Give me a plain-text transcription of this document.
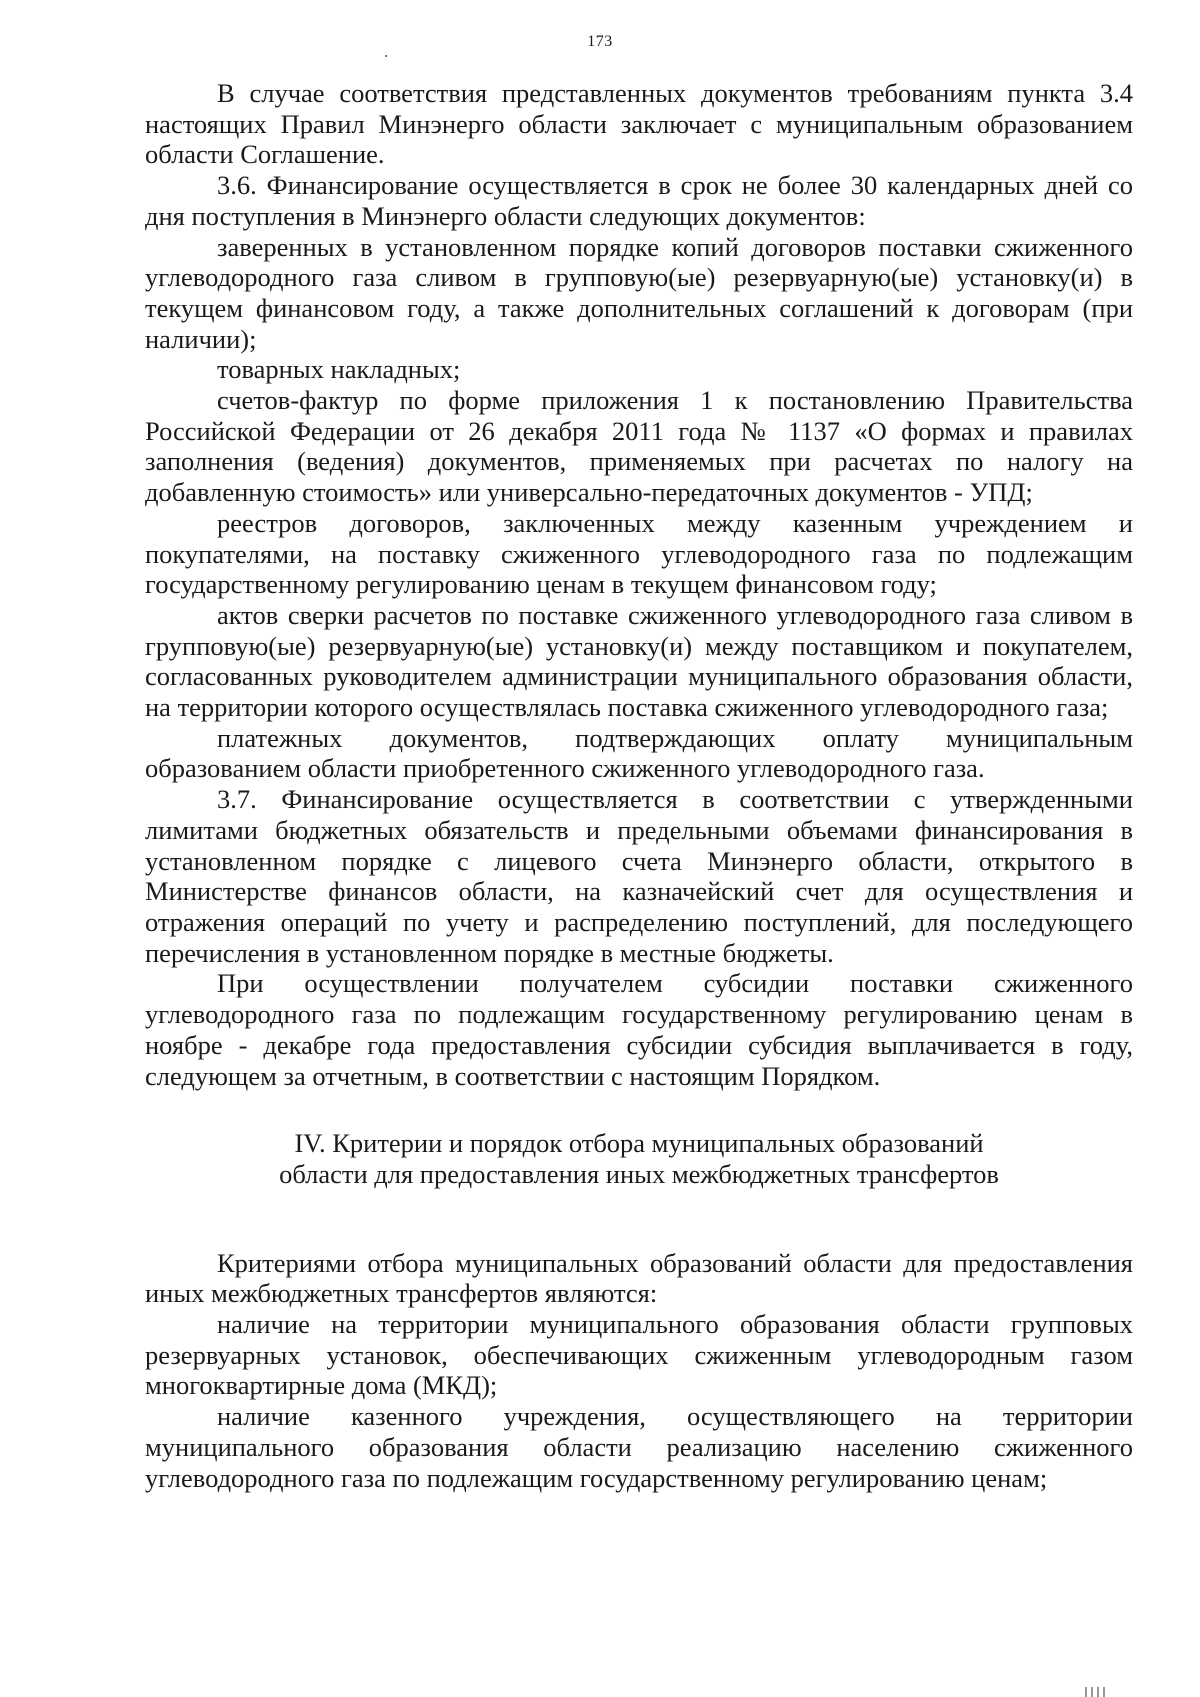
173

В случае соответствия представленных документов требованиям пункта 3.4 настоящих Правил Минэнерго области заключает с муниципальным образованием области Соглашение.

3.6. Финансирование осуществляется в срок не более 30 календарных дней со дня поступления в Минэнерго области следующих документов:

заверенных в установленном порядке копий договоров поставки сжиженного углеводородного газа сливом в групповую(ые) резервуарную(ые) установку(и) в текущем финансовом году, а также дополнительных соглашений к договорам (при наличии);

товарных накладных;

счетов-фактур по форме приложения 1 к постановлению Правительства Российской Федерации от 26 декабря 2011 года № 1137 «О формах и правилах заполнения (ведения) документов, применяемых при расчетах по налогу на добавленную стоимость» или универсально-передаточных документов - УПД;

реестров договоров, заключенных между казенным учреждением и покупателями, на поставку сжиженного углеводородного газа по подлежащим государственному регулированию ценам в текущем финансовом году;

актов сверки расчетов по поставке сжиженного углеводородного газа сливом в групповую(ые) резервуарную(ые) установку(и) между поставщиком и покупателем, согласованных руководителем администрации муниципального образования области, на территории которого осуществлялась поставка сжиженного углеводородного газа;

платежных документов, подтверждающих оплату муниципальным образованием области приобретенного сжиженного углеводородного газа.

3.7. Финансирование осуществляется в соответствии с утвержденными лимитами бюджетных обязательств и предельными объемами финансирования в установленном порядке с лицевого счета Минэнерго области, открытого в Министерстве финансов области, на казначейский счет для осуществления и отражения операций по учету и распределению поступлений, для последующего перечисления в установленном порядке в местные бюджеты.

При осуществлении получателем субсидии поставки сжиженного углеводородного газа по подлежащим государственному регулированию ценам в ноябре - декабре года предоставления субсидии субсидия выплачивается в году, следующем за отчетным, в соответствии с настоящим Порядком.

IV. Критерии и порядок отбора муниципальных образований
области для предоставления иных межбюджетных трансфертов

Критериями отбора муниципальных образований области для предоставления иных межбюджетных трансфертов являются:

наличие на территории муниципального образования области групповых резервуарных установок, обеспечивающих сжиженным углеводородным газом многоквартирные дома (МКД);

наличие казенного учреждения, осуществляющего на территории муниципального образования области реализацию населению сжиженного углеводородного газа по подлежащим государственному регулированию ценам;
